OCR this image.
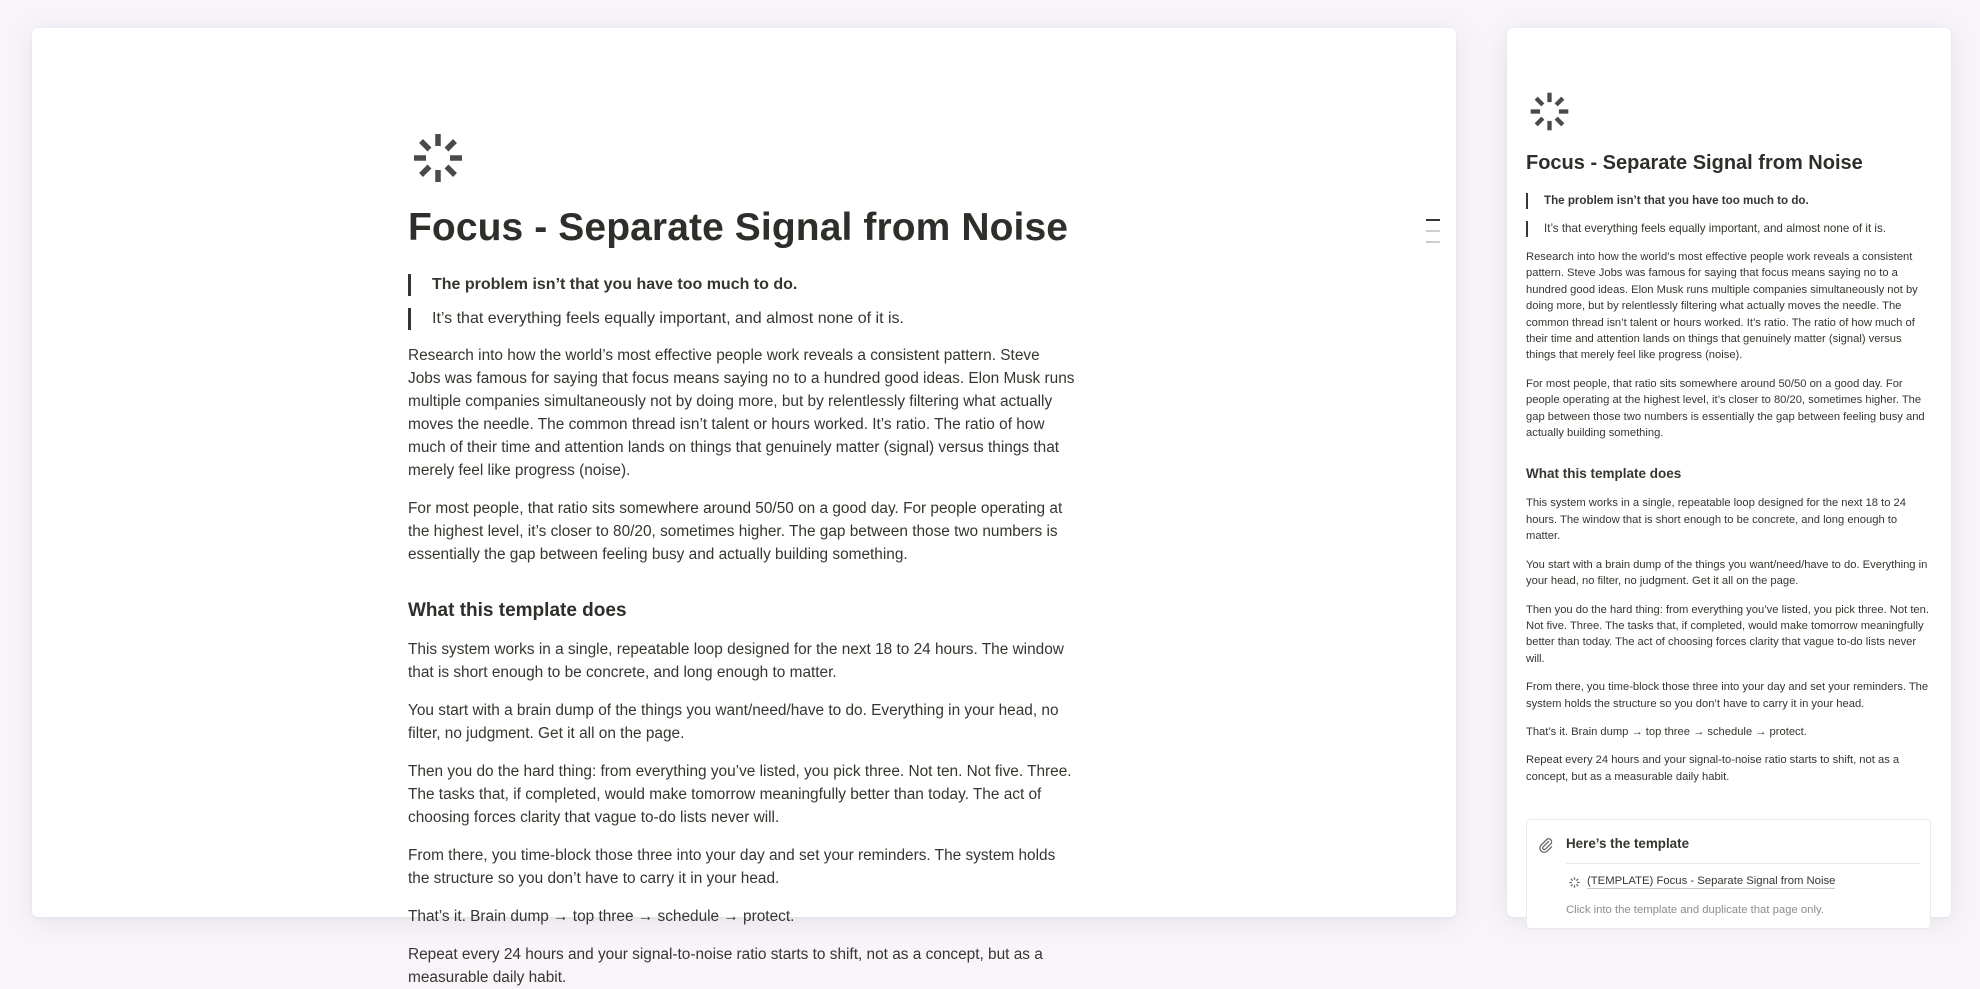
Focus - Separate Signal from Noise
The problem isn’t that you have too much to do.
It’s that everything feels equally important, and almost none of it is.

Research into how the world’s most effective people work reveals a consistent pattern. Steve Jobs was famous for saying that focus means saying no to a hundred good ideas. Elon Musk runs multiple companies simultaneously not by doing more, but by relentlessly filtering what actually moves the needle. The common thread isn’t talent or hours worked. It’s ratio. The ratio of how much of their time and attention lands on things that genuinely matter (signal) versus things that merely feel like progress (noise).

For most people, that ratio sits somewhere around 50/50 on a good day. For people operating at the highest level, it’s closer to 80/20, sometimes higher. The gap between those two numbers is essentially the gap between feeling busy and actually building something.

What this template does

This system works in a single, repeatable loop designed for the next 18 to 24 hours. The window that is short enough to be concrete, and long enough to matter.

You start with a brain dump of the things you want/need/have to do. Everything in your head, no filter, no judgment. Get it all on the page.

Then you do the hard thing: from everything you’ve listed, you pick three. Not ten. Not five. Three. The tasks that, if completed, would make tomorrow meaningfully better than today. The act of choosing forces clarity that vague to-do lists never will.

From there, you time-block those three into your day and set your reminders. The system holds the structure so you don’t have to carry it in your head.

That’s it. Brain dump → top three → schedule → protect.

Repeat every 24 hours and your signal-to-noise ratio starts to shift, not as a concept, but as a measurable daily habit.

Focus - Separate Signal from Noise
The problem isn’t that you have too much to do.
It’s that everything feels equally important, and almost none of it is.

Research into how the world’s most effective people work reveals a consistent pattern. Steve Jobs was famous for saying that focus means saying no to a hundred good ideas. Elon Musk runs multiple companies simultaneously not by doing more, but by relentlessly filtering what actually moves the needle. The common thread isn’t talent or hours worked. It’s ratio. The ratio of how much of their time and attention lands on things that genuinely matter (signal) versus things that merely feel like progress (noise).

For most people, that ratio sits somewhere around 50/50 on a good day. For people operating at the highest level, it’s closer to 80/20, sometimes higher. The gap between those two numbers is essentially the gap between feeling busy and actually building something.

What this template does

This system works in a single, repeatable loop designed for the next 18 to 24 hours. The window that is short enough to be concrete, and long enough to matter.

You start with a brain dump of the things you want/need/have to do. Everything in your head, no filter, no judgment. Get it all on the page.

Then you do the hard thing: from everything you’ve listed, you pick three. Not ten. Not five. Three. The tasks that, if completed, would make tomorrow meaningfully better than today. The act of choosing forces clarity that vague to-do lists never will.

From there, you time-block those three into your day and set your reminders. The system holds the structure so you don’t have to carry it in your head.

That’s it. Brain dump → top three → schedule → protect.

Repeat every 24 hours and your signal-to-noise ratio starts to shift, not as a concept, but as a measurable daily habit.

Here’s the template
(TEMPLATE) Focus - Separate Signal from Noise
Click into the template and duplicate that page only.
